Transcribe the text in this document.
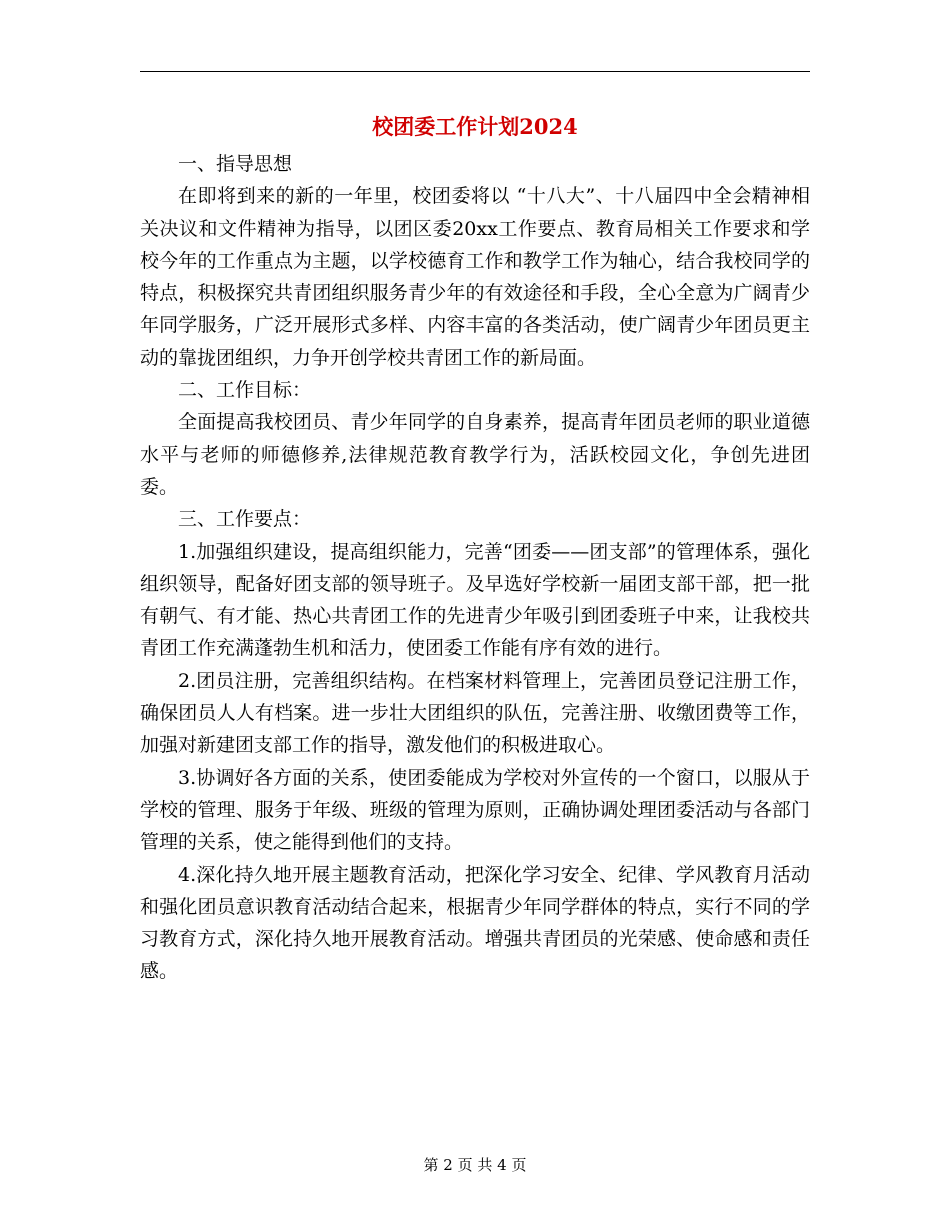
校团委工作计划2024

一、指导思想

在即将到来的新的一年里，校团委将以 “十八大”、十八届四中全会精神相关决议和文件精神为指导，以团区委20xx工作要点、教育局相关工作要求和学校今年的工作重点为主题，以学校德育工作和教学工作为轴心，结合我校同学的特点，积极探究共青团组织服务青少年的有效途径和手段，全心全意为广阔青少年同学服务，广泛开展形式多样、内容丰富的各类活动，使广阔青少年团员更主动的靠拢团组织，力争开创学校共青团工作的新局面。

二、工作目标：

全面提高我校团员、青少年同学的自身素养，提高青年团员老师的职业道德水平与老师的师德修养,法律规范教育教学行为，活跃校园文化，争创先进团委。

三、工作要点：

1.加强组织建设，提高组织能力，完善“团委——团支部”的管理体系，强化组织领导，配备好团支部的领导班子。及早选好学校新一届团支部干部，把一批有朝气、有才能、热心共青团工作的先进青少年吸引到团委班子中来，让我校共青团工作充满蓬勃生机和活力，使团委工作能有序有效的进行。

2.团员注册，完善组织结构。在档案材料管理上，完善团员登记注册工作，确保团员人人有档案。进一步壮大团组织的队伍，完善注册、收缴团费等工作，加强对新建团支部工作的指导，激发他们的积极进取心。

3.协调好各方面的关系，使团委能成为学校对外宣传的一个窗口，以服从于学校的管理、服务于年级、班级的管理为原则，正确协调处理团委活动与各部门管理的关系，使之能得到他们的支持。

4.深化持久地开展主题教育活动，把深化学习安全、纪律、学风教育月活动和强化团员意识教育活动结合起来，根据青少年同学群体的特点，实行不同的学习教育方式，深化持久地开展教育活动。增强共青团员的光荣感、使命感和责任感。

第 2 页 共 4 页
